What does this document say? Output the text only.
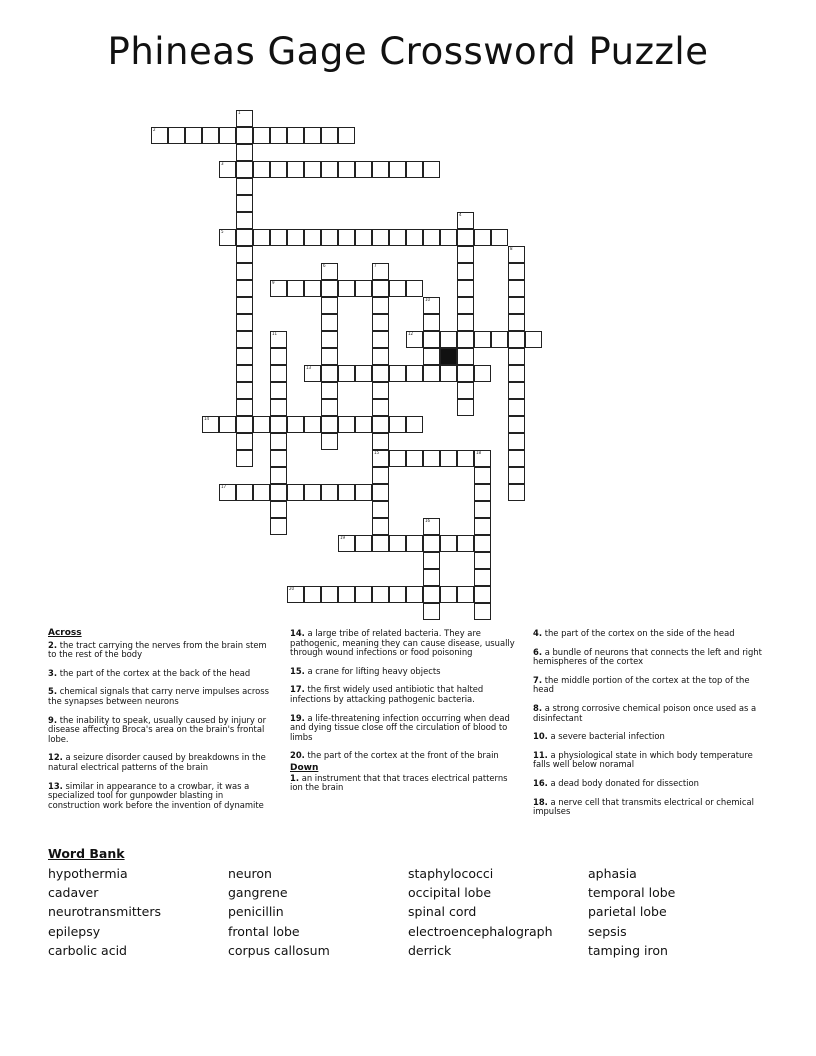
Phineas Gage Crossword Puzzle
2
3
5
9
12
13
14
15	18
17
19
20
1
4
6	7
8
10
11
16
Across
2. the tract carrying the nerves from the brain stem to the rest of the body
3. the part of the cortex at the back of the head
5. chemical signals that carry nerve impulses across the synapses between neurons
9. the inability to speak, usually caused by injury or disease affecting Broca's area on the brain's frontal lobe.
12. a seizure disorder caused by breakdowns in the natural electrical patterns of the brain
13. similar in appearance to a crowbar, it was a specialized tool for gunpowder blasting in construction work before the invention of dynamite
14. a large tribe of related bacteria. They are pathogenic, meaning they can cause disease, usually through wound infections or food poisoning
15. a crane for lifting heavy objects
17. the first widely used antibiotic that halted infections by attacking pathogenic bacteria.
19. a life-threatening infection occurring when dead and dying tissue close off the circulation of blood to limbs
20. the part of the cortex at the front of the brain
Down
1. an instrument that that traces electrical patterns ion the brain
4. the part of the cortex on the side of the head
6. a bundle of neurons that connects the left and right hemispheres of the cortex
7. the middle portion of the cortex at the top of the head
8. a strong corrosive chemical poison once used as a disinfectant
10. a severe bacterial infection
11. a physiological state in which body temperature falls well below noramal
16. a dead body donated for dissection
18. a nerve cell that transmits electrical or chemical impulses
Word Bank
hypothermia
cadaver
neurotransmitters
epilepsy
carbolic acid
neuron
gangrene
penicillin
frontal lobe
corpus callosum
staphylococci
occipital lobe
spinal cord
electroencephalograph
derrick
aphasia
temporal lobe
parietal lobe
sepsis
tamping iron
